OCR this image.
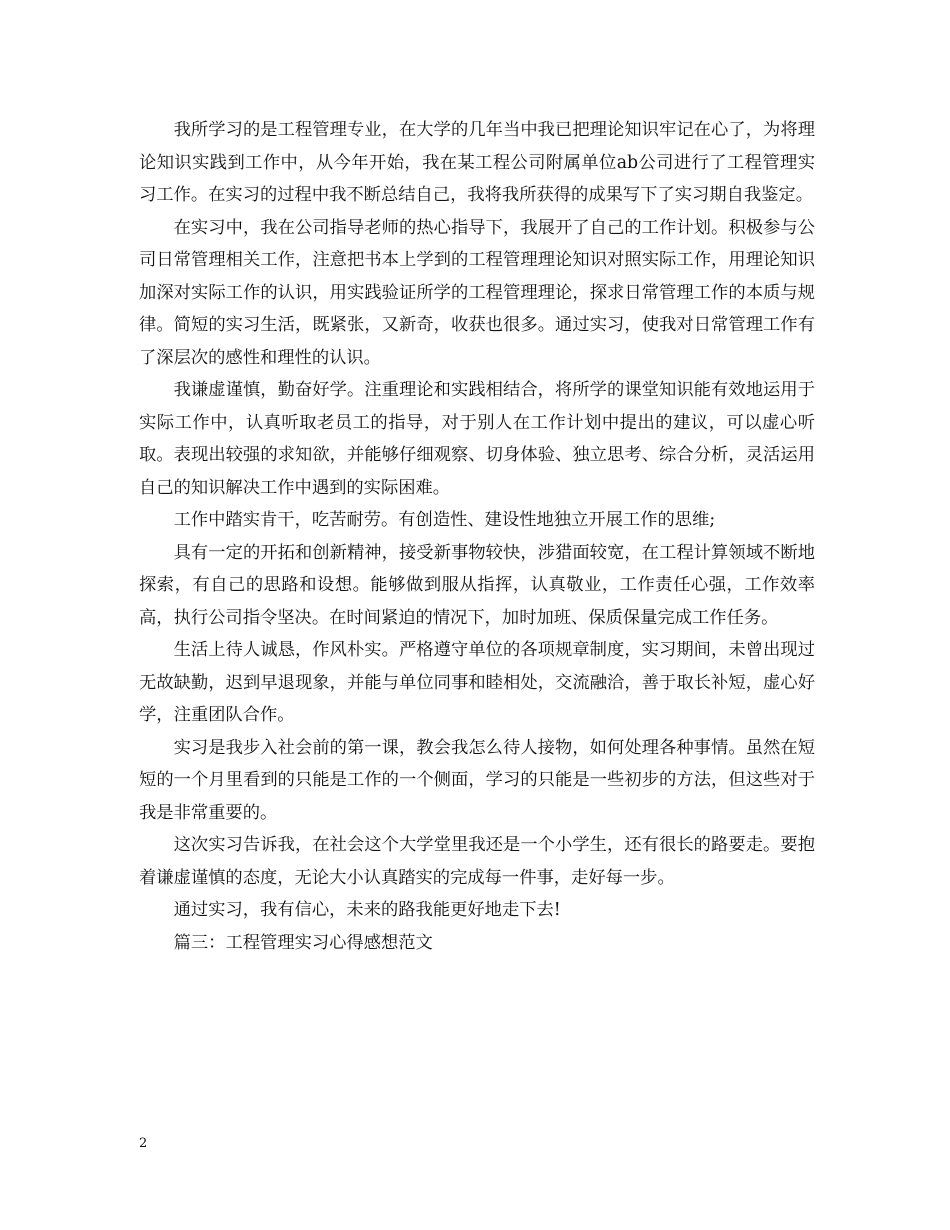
我所学习的是工程管理专业，在大学的几年当中我已把理论知识牢记在心了，为将理论知识实践到工作中，从今年开始，我在某工程公司附属单位ab公司进行了工程管理实习工作。在实习的过程中我不断总结自己，我将我所获得的成果写下了实习期自我鉴定。

在实习中，我在公司指导老师的热心指导下，我展开了自己的工作计划。积极参与公司日常管理相关工作，注意把书本上学到的工程管理理论知识对照实际工作，用理论知识加深对实际工作的认识，用实践验证所学的工程管理理论，探求日常管理工作的本质与规律。简短的实习生活，既紧张，又新奇，收获也很多。通过实习，使我对日常管理工作有了深层次的感性和理性的认识。

我谦虚谨慎，勤奋好学。注重理论和实践相结合，将所学的课堂知识能有效地运用于实际工作中，认真听取老员工的指导，对于别人在工作计划中提出的建议，可以虚心听取。表现出较强的求知欲，并能够仔细观察、切身体验、独立思考、综合分析，灵活运用自己的知识解决工作中遇到的实际困难。

工作中踏实肯干，吃苦耐劳。有创造性、建设性地独立开展工作的思维;

具有一定的开拓和创新精神，接受新事物较快，涉猎面较宽，在工程计算领域不断地探索，有自己的思路和设想。能够做到服从指挥，认真敬业，工作责任心强，工作效率高，执行公司指令坚决。在时间紧迫的情况下，加时加班、保质保量完成工作任务。

生活上待人诚恳，作风朴实。严格遵守单位的各项规章制度，实习期间，未曾出现过无故缺勤，迟到早退现象，并能与单位同事和睦相处，交流融洽，善于取长补短，虚心好学，注重团队合作。

实习是我步入社会前的第一课，教会我怎么待人接物，如何处理各种事情。虽然在短短的一个月里看到的只能是工作的一个侧面，学习的只能是一些初步的方法，但这些对于我是非常重要的。

这次实习告诉我，在社会这个大学堂里我还是一个小学生，还有很长的路要走。要抱着谦虚谨慎的态度，无论大小认真踏实的完成每一件事，走好每一步。

通过实习，我有信心，未来的路我能更好地走下去!

篇三：工程管理实习心得感想范文

2
